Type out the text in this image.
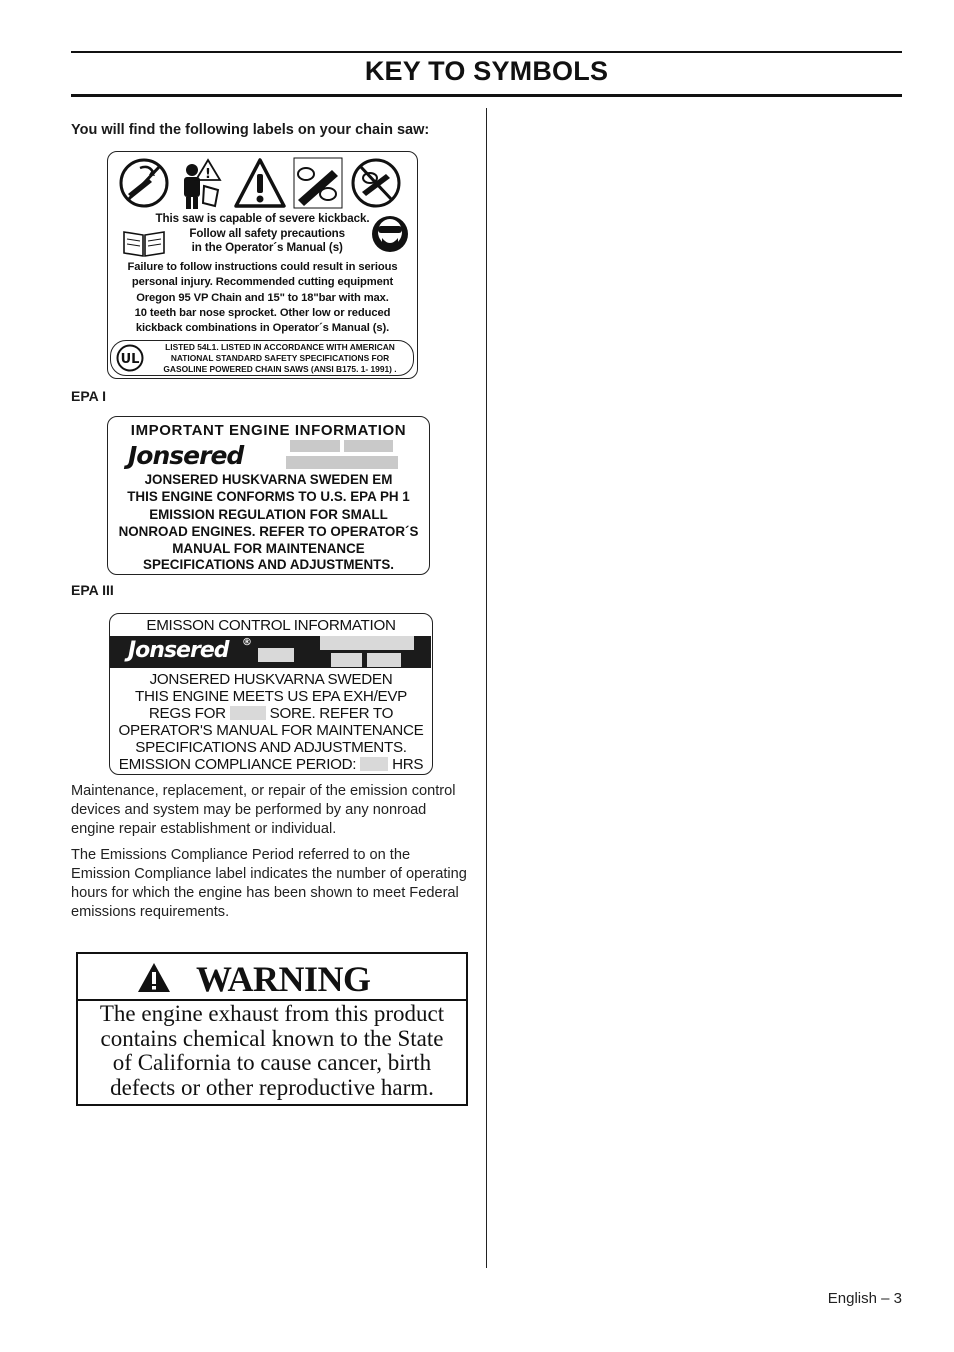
KEY TO SYMBOLS
You will find the following labels on your chain saw:
!
This saw is capable of severe kickback.
Follow all safety precautions
in the Operator´s Manual (s)
Failure to follow instructions could result in serious
personal injury. Recommended cutting equipment
Oregon 95 VP Chain and 15" to 18"bar with max.
10 teeth bar nose sprocket. Other low or reduced
kickback combinations in Operator´s Manual (s).
UL
LISTED 54L1. LISTED IN ACCORDANCE WITH AMERICAN
NATIONAL STANDARD SAFETY SPECIFICATIONS FOR
GASOLINE POWERED CHAIN SAWS (ANSI B175. 1- 1991) .
EPA I
IMPORTANT ENGINE INFORMATION
Jonsered
JONSERED HUSKVARNA SWEDEN EM
THIS ENGINE CONFORMS TO U.S. EPA PH 1
EMISSION REGULATION FOR SMALL
NONROAD ENGINES. REFER TO OPERATOR´S
MANUAL FOR MAINTENANCE
SPECIFICATIONS AND ADJUSTMENTS.
EPA III
EMISSON CONTROL INFORMATION
Jonsered ®
JONSERED HUSKVARNA SWEDEN
THIS ENGINE MEETS US EPA EXH/EVP
REGS FOR	SORE. REFER TO
OPERATOR'S MANUAL FOR MAINTENANCE
SPECIFICATIONS AND ADJUSTMENTS.
EMISSION COMPLIANCE PERIOD: HRS
Maintenance, replacement, or repair of the emission control devices and system may be performed by any nonroad engine repair establishment or individual.
The Emissions Compliance Period referred to on the Emission Compliance label indicates the number of operating hours for which the engine has been shown to meet Federal emissions requirements.
WARNING
The engine exhaust from this product
contains chemical known to the State
of California to cause cancer, birth
defects or other reproductive harm.
English – 3
